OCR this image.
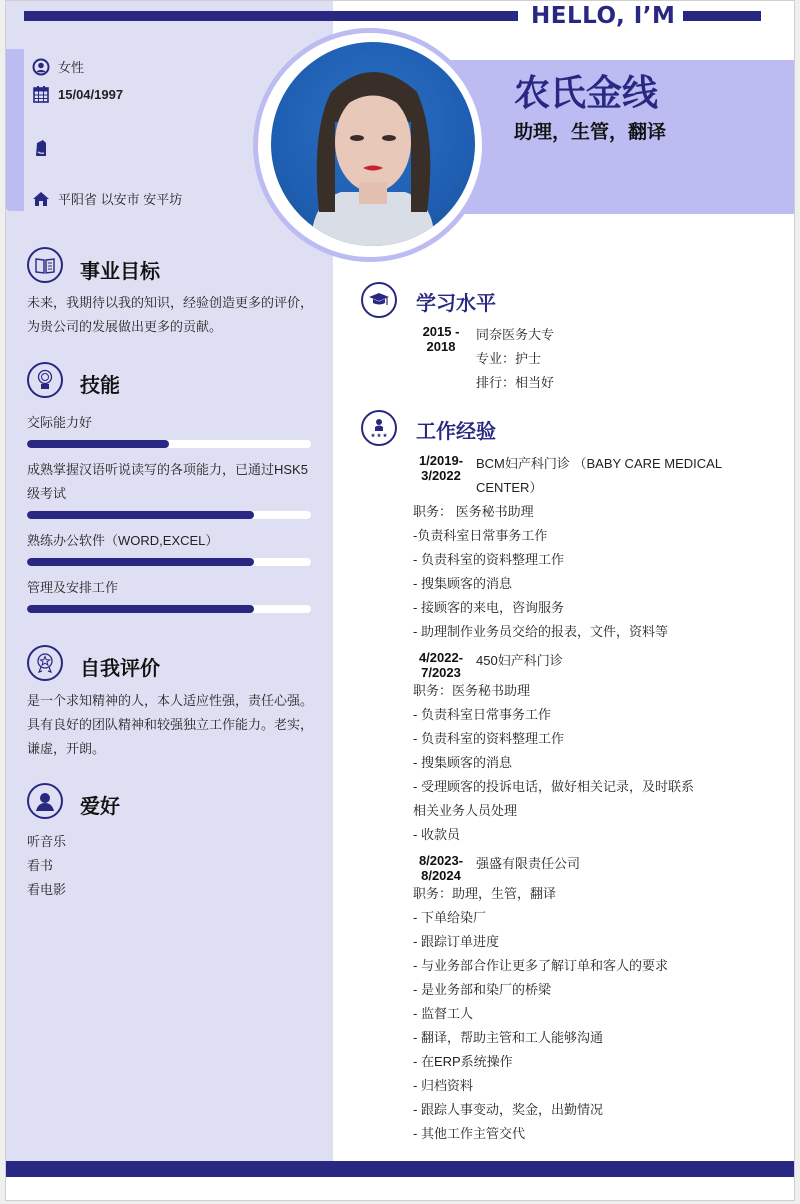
HELLO, I’M
农氏金线
助理，生管，翻译
女性
15/04/1997
平阳省 以安市 安平坊
事业目标
未来，我期待以我的知识，经验创造更多的评价，为贵公司的发展做出更多的贡献。
技能
交际能力好
成熟掌握汉语听说读写的各项能力，已通过HSK5级考试
熟练办公软件（WORD,EXCEL）
管理及安排工作
自我评价
是一个求知精神的人，本人适应性强，责任心强。具有良好的团队精神和较强独立工作能力。老实，谦虚，开朗。
爱好
听音乐
看书
看电影
学习水平
2015 -
2018
同奈医务大专
专业：护士
排行：相当好
工作经验
1/2019-
3/2022
BCM妇产科门诊 （BABY CARE MEDICAL
CENTER）
职务： 医务秘书助理
-负责科室日常事务工作
- 负责科室的资料整理工作
- 搜集顾客的消息
- 接顾客的来电，咨询服务
- 助理制作业务员交给的报表，文件，资料等
4/2022-
7/2023
450妇产科门诊
职务：医务秘书助理
- 负责科室日常事务工作
- 负责科室的资料整理工作
- 搜集顾客的消息
- 受理顾客的投诉电话，做好相关记录，及时联系
相关业务人员处理
- 收款员
8/2023-
8/2024
强盛有限责任公司
职务：助理，生管，翻译
- 下单给染厂
- 跟踪订单进度
- 与业务部合作让更多了解订单和客人的要求
- 是业务部和染厂的桥梁
- 监督工人
- 翻译，帮助主管和工人能够沟通
- 在ERP系统操作
- 归档资料
- 跟踪人事变动，奖金，出勤情况
- 其他工作主管交代
